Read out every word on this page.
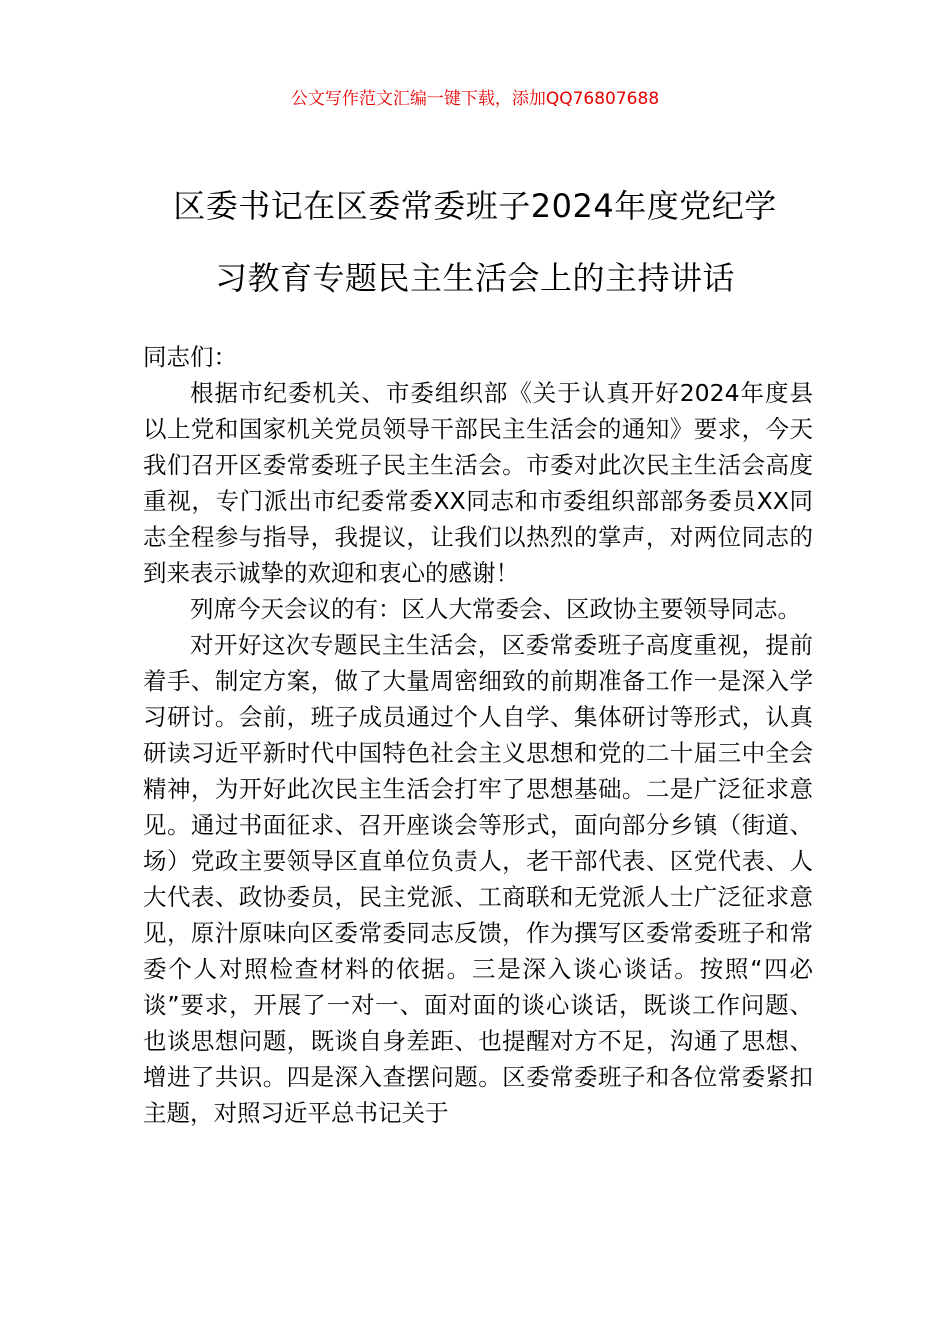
公文写作范文汇编一键下载，添加QQ76807688
区委书记在区委常委班子2024年度党纪学
习教育专题民主生活会上的主持讲话

同志们：

根据市纪委机关、市委组织部《关于认真开好2024年度县以上党和国家机关党员领导干部民主生活会的通知》要求，今天我们召开区委常委班子民主生活会。市委对此次民主生活会高度重视，专门派出市纪委常委XX同志和市委组织部部务委员XX同志全程参与指导，我提议，让我们以热烈的掌声，对两位同志的到来表示诚挚的欢迎和衷心的感谢！

列席今天会议的有：区人大常委会、区政协主要领导同志。

对开好这次专题民主生活会，区委常委班子高度重视，提前着手、制定方案，做了大量周密细致的前期准备工作一是深入学习研讨。会前，班子成员通过个人自学、集体研讨等形式，认真研读习近平新时代中国特色社会主义思想和党的二十届三中全会精神，为开好此次民主生活会打牢了思想基础。二是广泛征求意见。通过书面征求、召开座谈会等形式，面向部分乡镇（街道、场）党政主要领导区直单位负责人，老干部代表、区党代表、人大代表、政协委员，民主党派、工商联和无党派人士广泛征求意见，原汁原味向区委常委同志反馈，作为撰写区委常委班子和常委个人对照检查材料的依据。三是深入谈心谈话。按照“四必谈”要求，开展了一对一、面对面的谈心谈话，既谈工作问题、也谈思想问题，既谈自身差距、也提醒对方不足，沟通了思想、增进了共识。四是深入查摆问题。区委常委班子和各位常委紧扣主题，对照习近平总书记关于
